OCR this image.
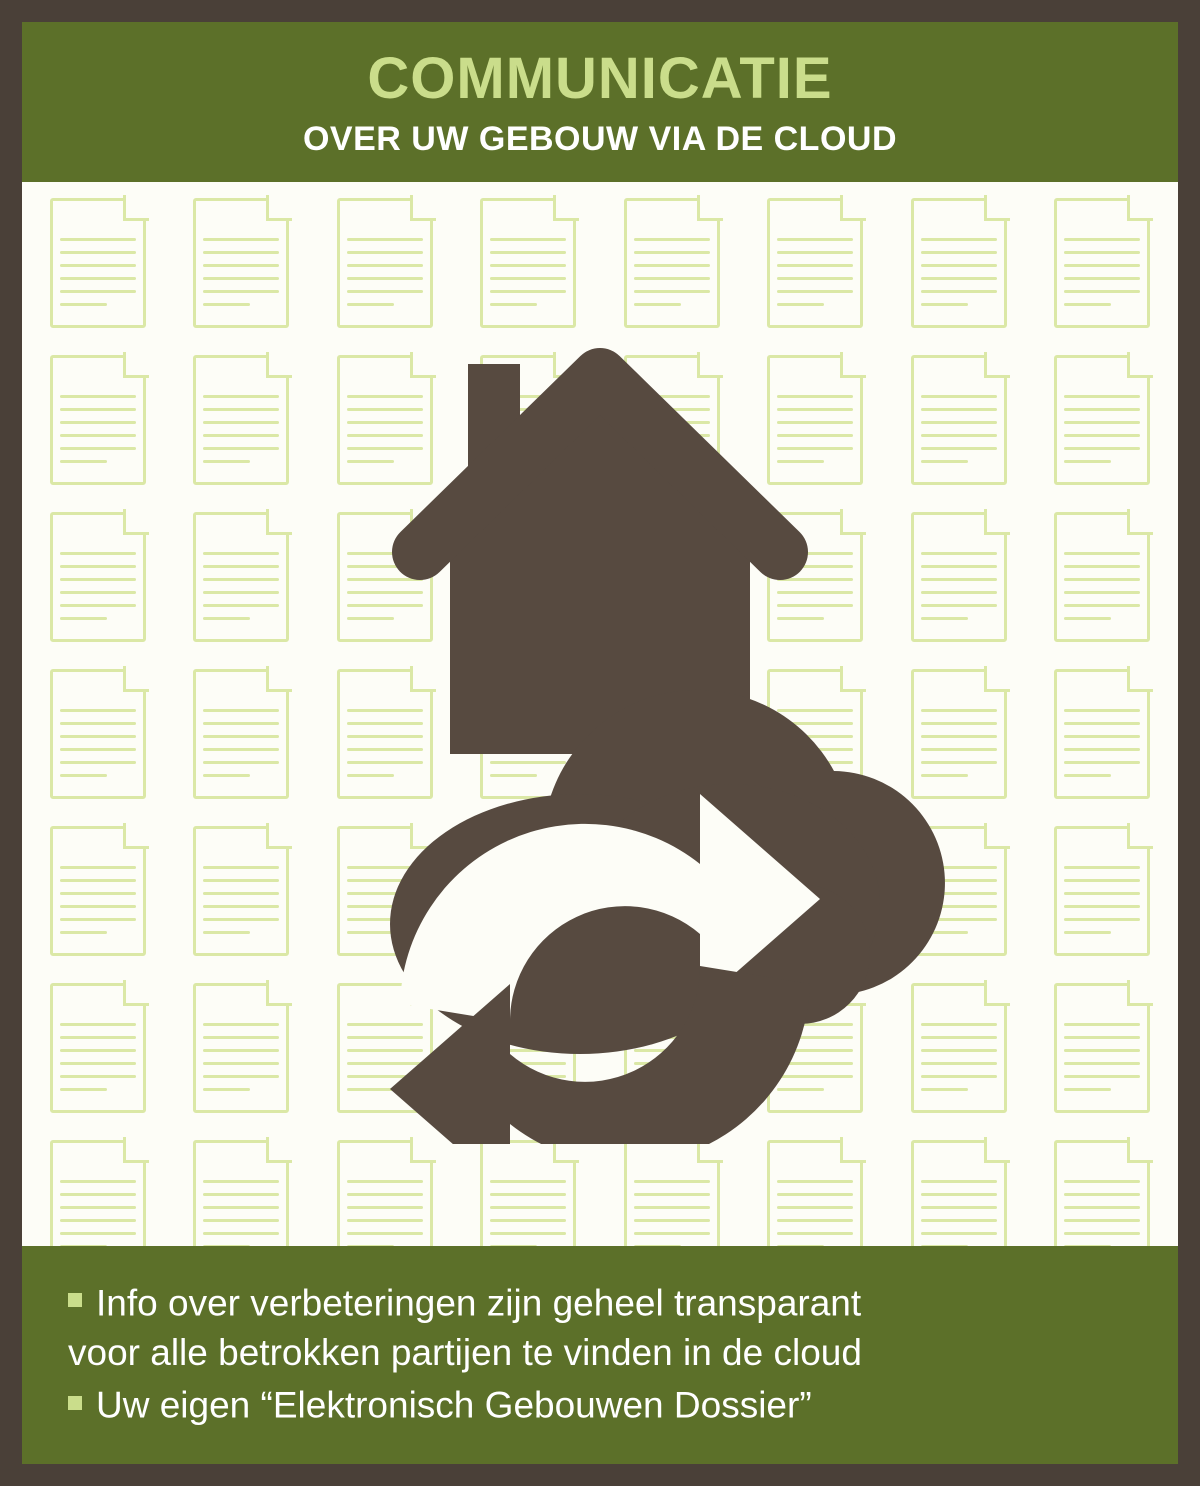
COMMUNICATIE
OVER UW GEBOUW VIA DE CLOUD
Info over verbeteringen zijn geheel transparant
voor alle betrokken partijen te vinden in de cloud
Uw eigen “Elektronisch Gebouwen Dossier”
